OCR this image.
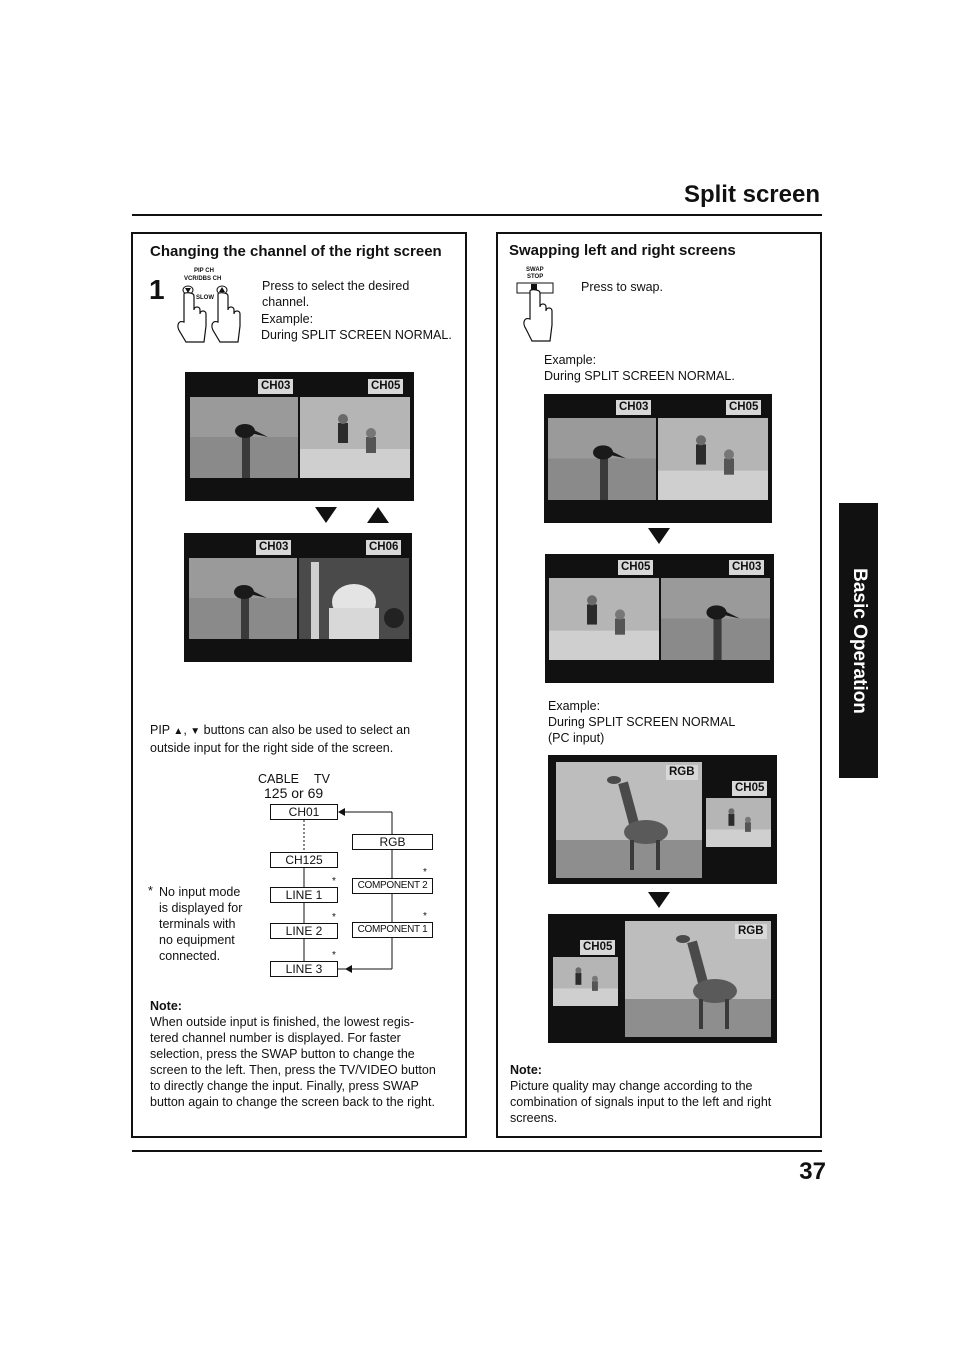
Split screen
Basic Operation
Changing the channel of the right screen
1
PIP CH
VCR/DBS CH
SLOW
Press to select the desired channel.
Example:
During SPLIT SCREEN NORMAL.
CH03	CH05
CH03	CH06
PIP ▲, ▼ buttons can also be used to select an
outside input for the right side of the screen.
CABLE TV
125 or 69
CH01
CH125
LINE 1
LINE 2
LINE 3
RGB
COMPONENT 2
COMPONENT 1
*
*
*
*
*
* No input mode
is displayed for
terminals with
no equipment
connected.
Note:
When outside input is finished, the lowest regis-
tered channel number is displayed. For faster
selection, press the SWAP button to change the
screen to the left. Then, press the TV/VIDEO button
to directly change the input. Finally, press SWAP
button again to change the screen back to the right.
Swapping left and right screens
SWAP
STOP
Press to swap.
Example:
During SPLIT SCREEN NORMAL.
CH03	CH05
CH05	CH03
Example:
During SPLIT SCREEN NORMAL
(PC input)
RGB
CH05
CH05
RGB
Note:
Picture quality may change according to the
combination of signals input to the left and right
screens.
37
